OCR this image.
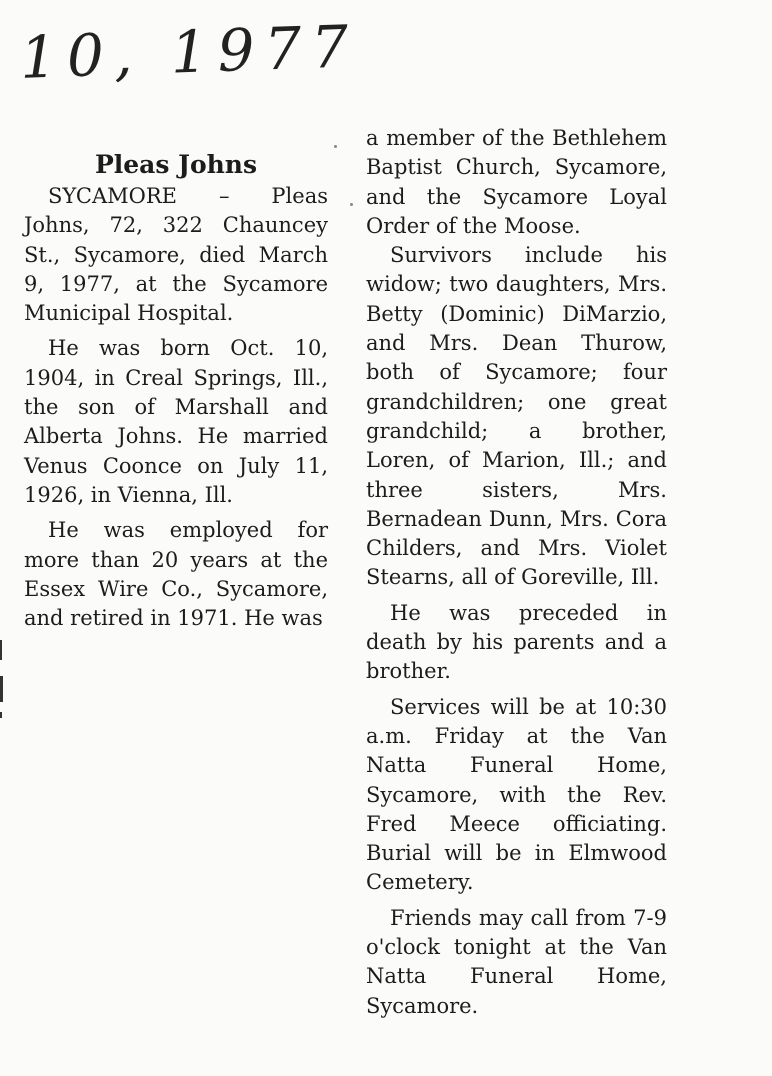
10, 1977
Pleas Johns

SYCAMORE – Pleas Johns, 72, 322 Chauncey St., Sycamore, died March 9, 1977, at the Sycamore Municipal Hospital.

He was born Oct. 10, 1904, in Creal Springs, Ill., the son of Marshall and Alberta Johns. He married Venus Coonce on July 11, 1926, in Vienna, Ill.

He was employed for more than 20 years at the Essex Wire Co., Sycamore, and retired in 1971. He was

a member of the Bethlehem Baptist Church, Sycamore, and the Sycamore Loyal Order of the Moose.

Survivors include his widow; two daughters, Mrs. Betty (Dominic) DiMarzio, and Mrs. Dean Thurow, both of Sycamore; four grandchildren; one great grandchild; a brother, Loren, of Marion, Ill.; and three sisters, Mrs. Bernadean Dunn, Mrs. Cora Childers, and Mrs. Violet Stearns, all of Goreville, Ill.

He was preceded in death by his parents and a brother.

Services will be at 10:30 a.m. Friday at the Van Natta Funeral Home, Sycamore, with the Rev. Fred Meece officiating. Burial will be in Elmwood Cemetery.

Friends may call from 7-9 o'clock tonight at the Van Natta Funeral Home, Sycamore.
